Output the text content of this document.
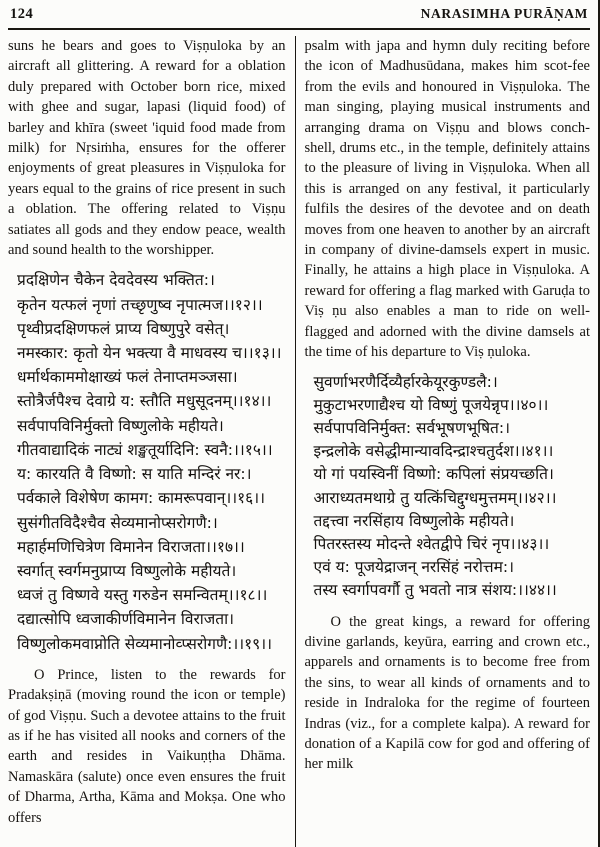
124	NARASIMHA PURĀṆAM

suns he bears and goes to Viṣṇuloka by an aircraft all glittering. A reward for a oblation duly prepared with October born rice, mixed with ghee and sugar, lapasi (liquid food) of barley and khīra (sweet 'iquid food made from milk) for Nṛsiṁha, ensures for the offerer enjoyments of great pleasures in Viṣṇuloka for years equal to the grains of rice present in such a oblation. The offering related to Viṣṇu satiates all gods and they endow peace, wealth and sound health to the worshipper.

प्रदक्षिणेन चैकेन देवदेवस्य भक्तित:।

कृतेन यत्फलं नृणां तच्छृणुष्व नृपात्मज।।१२।।

पृथ्वीप्रदक्षिणफलं प्राप्य विष्णुपुरे वसेत्।

नमस्कार: कृतो येन भक्त्या वै माधवस्य च।।१३।।

धर्मार्थकाममोक्षाख्यं फलं तेनाप्तमञ्जसा।

स्तोत्रैर्जपैश्च देवाग्रे य: स्तौति मधुसूदनम्।।१४।।

सर्वपापविनिर्मुक्तो विष्णुलोके महीयते।

गीतवाद्यादिकं नाट्यं शङ्खतूर्यादिनि: स्वनै:।।१५।।

य: कारयति वै विष्णो: स याति मन्दिरं नर:।

पर्वकाले विशेषेण कामग: कामरूपवान्।।१६।।

सुसंगीतविदैश्चैव सेव्यमानोप्सरोगणै:।

महार्हमणिचित्रेण विमानेन विराजता।।१७।।

स्वर्गात् स्वर्गमनुप्राप्य विष्णुलोके महीयते।

ध्वजं तु विष्णवे यस्तु गरुडेन समन्वितम्।।१८।।

दद्यात्सोपि ध्वजाकीर्णविमानेन विराजता।

विष्णुलोकमवाप्नोति सेव्यमानोव्प्सरोगणै:।।१९।।

O Prince, listen to the rewards for Pradakṣiṇā (moving round the icon or temple) of god Viṣṇu. Such a devotee attains to the fruit as if he has visited all nooks and corners of the earth and resides in Vaikuṇṭha Dhāma. Namaskāra (salute) once even ensures the fruit of Dharma, Artha, Kāma and Mokṣa. One who offers

psalm with japa and hymn duly reciting before the icon of Madhusūdana, makes him scot-fee from the evils and honoured in Viṣṇuloka. The man singing, playing musical instruments and arranging drama on Viṣṇu and blows conch-shell, drums etc., in the temple, definitely attains to the pleasure of living in Viṣṇuloka. When all this is arranged on any festival, it particularly fulfils the desires of the devotee and on death moves from one heaven to another by an aircraft in company of divine-damsels expert in music. Finally, he attains a high place in Viṣṇuloka. A reward for offering a flag marked with Garuḍa to Viṣ ṇu also enables a man to ride on well-flagged and adorned with the divine damsels at the time of his departure to Viṣ ṇuloka.

सुवर्णाभरणैर्दिव्यैर्हारकेयूरकुण्डलै:।

मुकुटाभरणाद्यैश्च यो विष्णुं पूजयेन्नृप।।४०।।

सर्वपापविनिर्मुक्त: सर्वभूषणभूषित:।

इन्द्रलोके वसेद्धीमान्यावदिन्द्राश्चतुर्दश।।४१।।

यो गां पयस्विनीं विष्णो: कपिलां संप्रयच्छति।

आराध्यतमथाग्रे तु यत्किंचिद्दुग्धमुत्तमम्।।४२।।

तद्दत्त्वा नरसिंहाय विष्णुलोके महीयते।

पितरस्तस्य मोदन्ते श्वेतद्वीपे चिरं नृप।।४३।।

एवं य: पूजयेद्राजन् नरसिंहं नरोत्तम:।

तस्य स्वर्गापवर्गौ तु भवतो नात्र संशय:।।४४।।

O the great kings, a reward for offering divine garlands, keyūra, earring and crown etc., apparels and ornaments is to become free from the sins, to wear all kinds of ornaments and to reside in Indraloka for the regime of fourteen Indras (viz., for a complete kalpa). A reward for donation of a Kapilā cow for god and offering of her milk
